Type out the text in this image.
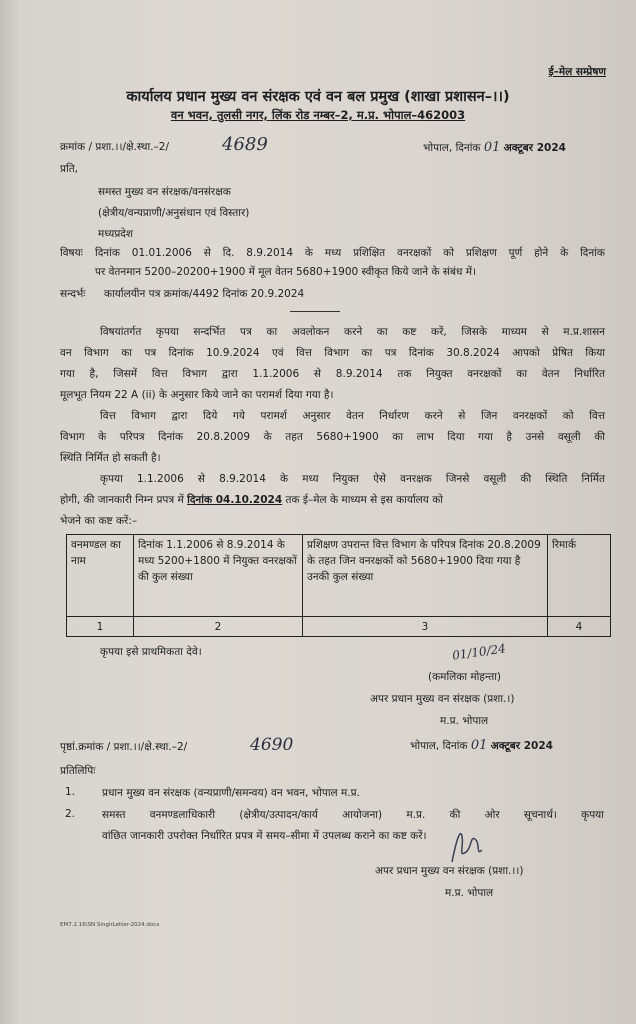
ई–मेल सम्प्रेषण
कार्यालय प्रधान मुख्य वन संरक्षक एवं वन बल प्रमुख (शाखा प्रशासन–।।)
वन भवन, तुलसी नगर, लिंक रोड नम्बर–2, म.प्र. भोपाल–462003
क्रमांक / प्रशा.।।/क्षे.स्था.–2/	4689	भोपाल, दिनांक 01 अक्टूबर 2024
प्रति,
समस्त मुख्य वन संरक्षक/वनसंरक्षक
(क्षेत्रीय/वन्यप्राणी/अनुसंधान एवं विस्तार)
मध्यप्रदेश
विषयः दिनांक 01.01.2006 से दि. 8.9.2014 के मध्य प्रशिक्षित वनरक्षकों को प्रशिक्षण पूर्ण होने के दिनांक
पर वेतनमान 5200–20200+1900 में मूल वेतन 5680+1900 स्वीकृत किये जाने के संबंध में।
सन्दर्भः कार्यालयीन पत्र क्रमांक/4492 दिनांक 20.9.2024
विषयांतर्गत कृपया सन्दर्भित पत्र का अवलोकन करने का कष्ट करें, जिसके माध्यम से म.प्र.शासन
वन विभाग का पत्र दिनांक 10.9.2024 एवं वित्त विभाग का पत्र दिनांक 30.8.2024 आपको प्रेषित किया
गया है, जिसमें वित्त विभाग द्वारा 1.1.2006 से 8.9.2014 तक नियुक्त वनरक्षकों का वेतन निर्धारित
मूलभूत नियम 22 A (ii) के अनुसार किये जाने का परामर्श दिया गया है।
वित्त विभाग द्वारा दिये गये परामर्श अनुसार वेतन निर्धारण करने से जिन वनरक्षकों को वित्त
विभाग के परिपत्र दिनांक 20.8.2009 के तहत 5680+1900 का लाभ दिया गया है उनसे वसूली की
स्थिति निर्मित हो सकती है।
कृपया 1.1.2006 से 8.9.2014 के मध्य नियुक्त ऐसे वनरक्षक जिनसे वसूली की स्थिति निर्मित
होगी, की जानकारी निम्न प्रपत्र में दिनांक 04.10.2024 तक ई–मेल के माध्यम से इस कार्यालय को
भेजने का कष्ट करें:–
वनमण्डल का नाम	दिनांक 1.1.2006 से 8.9.2014 के मध्य 5200+1800 में नियुक्त वनरक्षकों की कुल संख्या	प्रशिक्षण उपरान्त वित्त विभाग के परिपत्र दिनांक 20.8.2009 के तहत जिन वनरक्षकों को 5680+1900 दिया गया है उनकी कुल संख्या	रिमार्क
1	2	3	4
कृपया इसे प्राथमिकता देवे।	01/10/24
(कमलिका मोहन्ता)
अपर प्रधान मुख्य वन संरक्षक (प्रशा.।)
म.प्र. भोपाल
पृष्ठां.क्रमांक / प्रशा.।।/क्षे.स्था.–2/	4690	भोपाल, दिनांक 01 अक्टूबर 2024
प्रतिलिपिः
1.	प्रधान मुख्य वन संरक्षक (वन्यप्राणी/समन्वय) वन भवन, भोपाल म.प्र.
2.	समस्त वनमण्डलाधिकारी (क्षेत्रीय/उत्पादन/कार्य आयोजना) म.प्र. की ओर सूचनार्थ। कृपया
वांछित जानकारी उपरोक्त निर्धारित प्रपत्र में समय–सीमा में उपलब्ध कराने का कष्ट करें।
अपर प्रधान मुख्य वन संरक्षक (प्रशा.।।)
म.प्र. भोपाल
EM7.2.16\SN SinglrLetter-2024.docx
